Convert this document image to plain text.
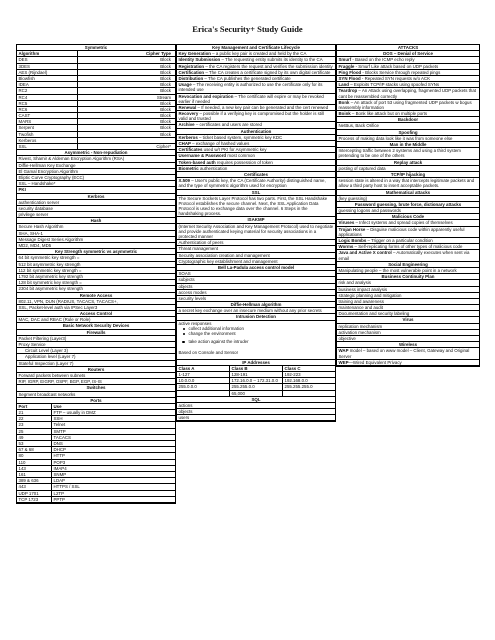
Erica's Security+ Study Guide
Symmetric
Algorithm	Cipher Type
DES	Block
3DES	Block
AES (Rijndael)	Block
Blowfish	Block
IDEA	Block
RC2	Block
RC4	Stream
RC5	Block
RC6	Block
CAST	Block
MARS	Block
Serpent	Block
Twofish	Block
Kerberos
SSL	Cipher*
Asymmetric - Non-repudiation
Rivest, Shamir & Aldeman Encryption Algorithm (RSA)
Diffie-Hellman Key Exchange
El Gamal Encryption Algorithm
Eliptic Curve Cryptography (ECC)
SSL – Handshake*
PKI
Kerbros
authentication server
security database
privilege server
Hash
Secure Hash Algorithm
SHA, SHA-1
Message Digest Series Algorithm
MD2, MD4, MD5
Key Strength symmetric vs asymmetric
64 bit symmetric key strength =
512 bit asymmetric key strength
112 bit symmetric key strength =
1792 bit asymmetric key strength
128 bit symmetric key strength =
2304 bit asymmetric key strength
Remote Access
802.11, VPN, DUN (RADIUS, TACACS, TACACS+,
SSL, Packet-level auth via IPSec Layer3
Access Control
MAC, DAC and RBAC (Rule or Role)
Basic Network Security Devices
Firewalls
Packet Filtering (Layer3)
Proxy Service
Circuit Level (Layer 3)
Application level (Layer 7)
Stateful Inspection (Layer 7)
Routers
Forward packets between subnets
RIP, IGRP, EIGRP, OSPF, BGP, EGP, IS-IS
Switches
Segment broadcast networks
Ports
Port	Use
21	FTP – usually in DMZ
22	SSH
23	Telnet
25	SMTP
49	TACACS
53	DNS
67 & 68	DHCP
80	HTTP
110	POP3
143	IMAP4
161	SNMP
389 & 636	LDAP
443	HTTPS / SSL
UDP 1701	L2TP
TCP 1723	PPTP
Key Management and Certificate Lifecycle
Key Generation – a public key pair is created and held by the CA
Identity Submission – The requesting entity submits its identity to the CA
Registration – the CA registers the request and verifies the submission identity
Certification – The CA creates a certificate signed by its own digital certificate
Distribution – The CA publishes the generated certificate
Usage – The receiving entity is authorized to use the certificate only for its intended use
Revocation and expiration – The certificate will expire or may be revoked earlier if needed
Renewal – If needed, a new key pair can be generated and the cert renewed
Recovery – possible if a verifying key is compromised but the holder is still valid and trusted
Archive – certificates and users are stored
Authentication
Kerberos – ticket based system, symmetric key KDC
CHAP – exchange of hashed values
Certificates used w/I PKI for Asymmetric key
Username & Password most common
Token-based auth requires possession of token
Biometric authentication
Certificates
X.509 – User's public key, the CA (Certificate Authority) distinguished name, and the type of symmetric algorithm used for encryption
SSL
The Secure Sockets Layer Protocol has two parts. First, the SSL Handshake Protocol establishes the secure channel. Next, the SSL Application Data Protocol is used to exchange data over the channel. 6 Steps in the handshaking process.
ISAKMP
(Internet Security Association and Key Management Protocol) used to negotiate and provide authenticated keying material for security associations in a protected manner
Authentication of peers
Threat management
Security association creation and management
Cryptographic key establishment and management
Bell La-Padula access control model
SOAS
subjects
objects
access modes
security levels
Diffie-Hellman algorithm
a secret key exchange over an insecure medium without any prior secrets
Intrusion Detection
active responses
collect additional information
change the environment
take action against the intruder
Based on Console and Sensor
IP Addresses
Class A	Class B	Class C
1-127	128-191	192-223
10.0.0.0	172.16.0.0 – 172.31.0.0	192.168.0.0
255.0.0.0	255.255.0.0	255.255.255.0
65,000
SQL
actions
objects
users
ATTACKS
DOS – Denial of Service
Smurf - Based on the ICMP echo reply
Fraggle - Smurf Like attack based on UDP packets
Ping Flood - Blocks Service through repeated pings
SYN Flood - Repeated SYN requests w/o ACK
Land – Exploits TCP/IP stacks using spoofed SYNs
Teardrop – An Attack using overlapping, fragmented UDP packets that cant be reassembled correctly
Bonk – An attack of port 53 using fragmented UDP packets w bogus reassembly information
Boink – Bonk like attack but on multiple ports
Backdoor
NetBus, Back Orifice
Spoofing
Process of making data look like it was from someone else
Man in the Middle
Intercepting traffic between 2 systems and using a third system pretending to be one of the others
Replay attack
posting of captured data
TCP/IP hijacking
session state is altered in a way that intercepts legitimate packets and allow a third party host to insert acceptable packets.
Mathematical attacks
(key guessing)
Password guessing, brute force, dictionary attacks
guessing logons and passwords
Malicious Code
Viruses – Infect systems and spread copies of themselves
Trojan Horse – Disguise malicious code within apparently useful applications
Logic Bombs – Trigger on a particular condition
Worms – Self-replicating forms of other types of malicious code
Java and Active X control – Automatically executes when sent via email
Social Engineering
Manipulating people – the most vulnerable point in a network
Business Continuity Plan
risk and analysis
business impact analysis
strategic planning and mitigation
training and awareness
maintenance and audit
Documentation and security labeling
Virus
replication mechanism
activation mechanism
objective
Wireless
WAP model – based on www model – Client, Gateway and Original Server
WEP—Wired Equivalent Privacy
